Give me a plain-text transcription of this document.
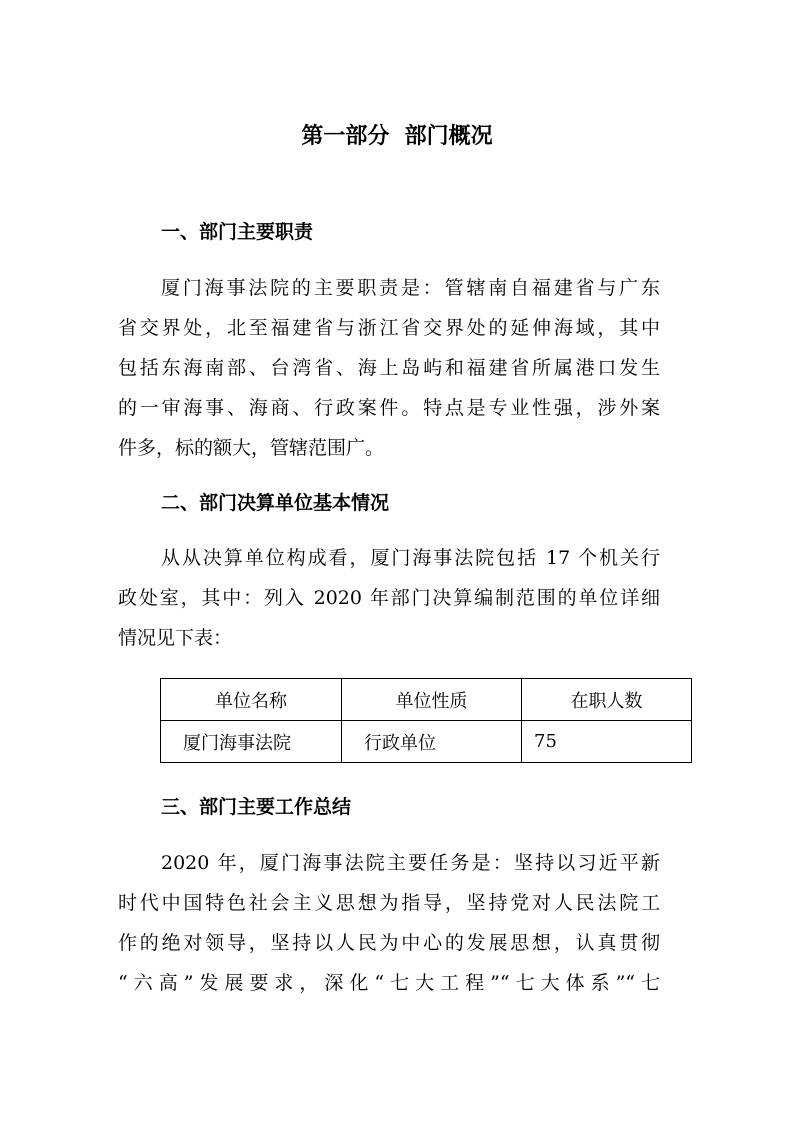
第一部分  部门概况
一、部门主要职责
厦门海事法院的主要职责是：管辖南自福建省与广东
省交界处，北至福建省与浙江省交界处的延伸海域，其中
包括东海南部、台湾省、海上岛屿和福建省所属港口发生
的一审海事、海商、行政案件。特点是专业性强，涉外案
件多，标的额大，管辖范围广。
二、部门决算单位基本情况
从从决算单位构成看，厦门海事法院包括 17 个机关行
政处室，其中：列入 2020 年部门决算编制范围的单位详细
情况见下表：
单位名称	单位性质	在职人数
厦门海事法院	行政单位	75
三、部门主要工作总结
2020 年，厦门海事法院主要任务是：坚持以习近平新
时代中国特色社会主义思想为指导，坚持党对人民法院工
作的绝对领导，坚持以人民为中心的发展思想，认真贯彻
“六高”发展要求，深化“七大工程”“七大体系”“七
